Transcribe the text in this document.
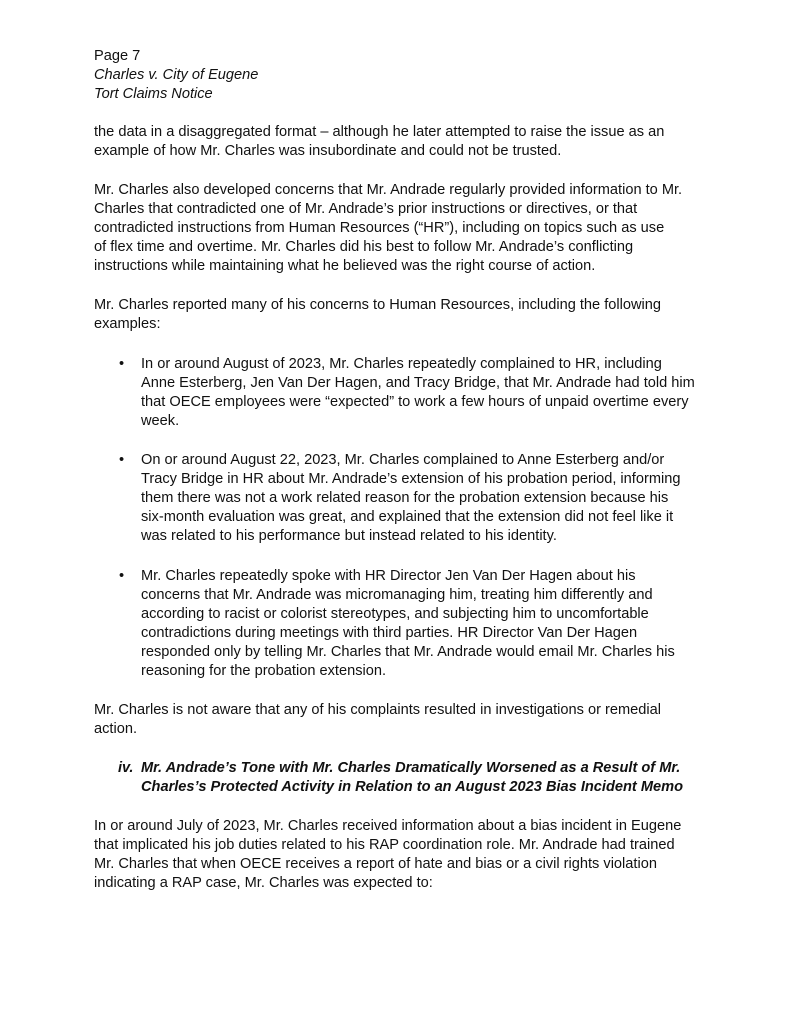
Page 7
Charles v. City of Eugene
Tort Claims Notice
the data in a disaggregated format – although he later attempted to raise the issue as an
example of how Mr. Charles was insubordinate and could not be trusted.
Mr. Charles also developed concerns that Mr. Andrade regularly provided information to Mr.
Charles that contradicted one of Mr. Andrade’s prior instructions or directives, or that
contradicted instructions from Human Resources (“HR”), including on topics such as use
of flex time and overtime. Mr. Charles did his best to follow Mr. Andrade’s conflicting
instructions while maintaining what he believed was the right course of action.
Mr. Charles reported many of his concerns to Human Resources, including the following
examples:
• In or around August of 2023, Mr. Charles repeatedly complained to HR, including
Anne Esterberg, Jen Van Der Hagen, and Tracy Bridge, that Mr. Andrade had told him
that OECE employees were “expected” to work a few hours of unpaid overtime every
week.
• On or around August 22, 2023, Mr. Charles complained to Anne Esterberg and/or
Tracy Bridge in HR about Mr. Andrade’s extension of his probation period, informing
them there was not a work related reason for the probation extension because his
six-month evaluation was great, and explained that the extension did not feel like it
was related to his performance but instead related to his identity.
• Mr. Charles repeatedly spoke with HR Director Jen Van Der Hagen about his
concerns that Mr. Andrade was micromanaging him, treating him differently and
according to racist or colorist stereotypes, and subjecting him to uncomfortable
contradictions during meetings with third parties. HR Director Van Der Hagen
responded only by telling Mr. Charles that Mr. Andrade would email Mr. Charles his
reasoning for the probation extension.
Mr. Charles is not aware that any of his complaints resulted in investigations or remedial
action.
iv. Mr. Andrade’s Tone with Mr. Charles Dramatically Worsened as a Result of Mr.
Charles’s Protected Activity in Relation to an August 2023 Bias Incident Memo
In or around July of 2023, Mr. Charles received information about a bias incident in Eugene
that implicated his job duties related to his RAP coordination role. Mr. Andrade had trained
Mr. Charles that when OECE receives a report of hate and bias or a civil rights violation
indicating a RAP case, Mr. Charles was expected to:
